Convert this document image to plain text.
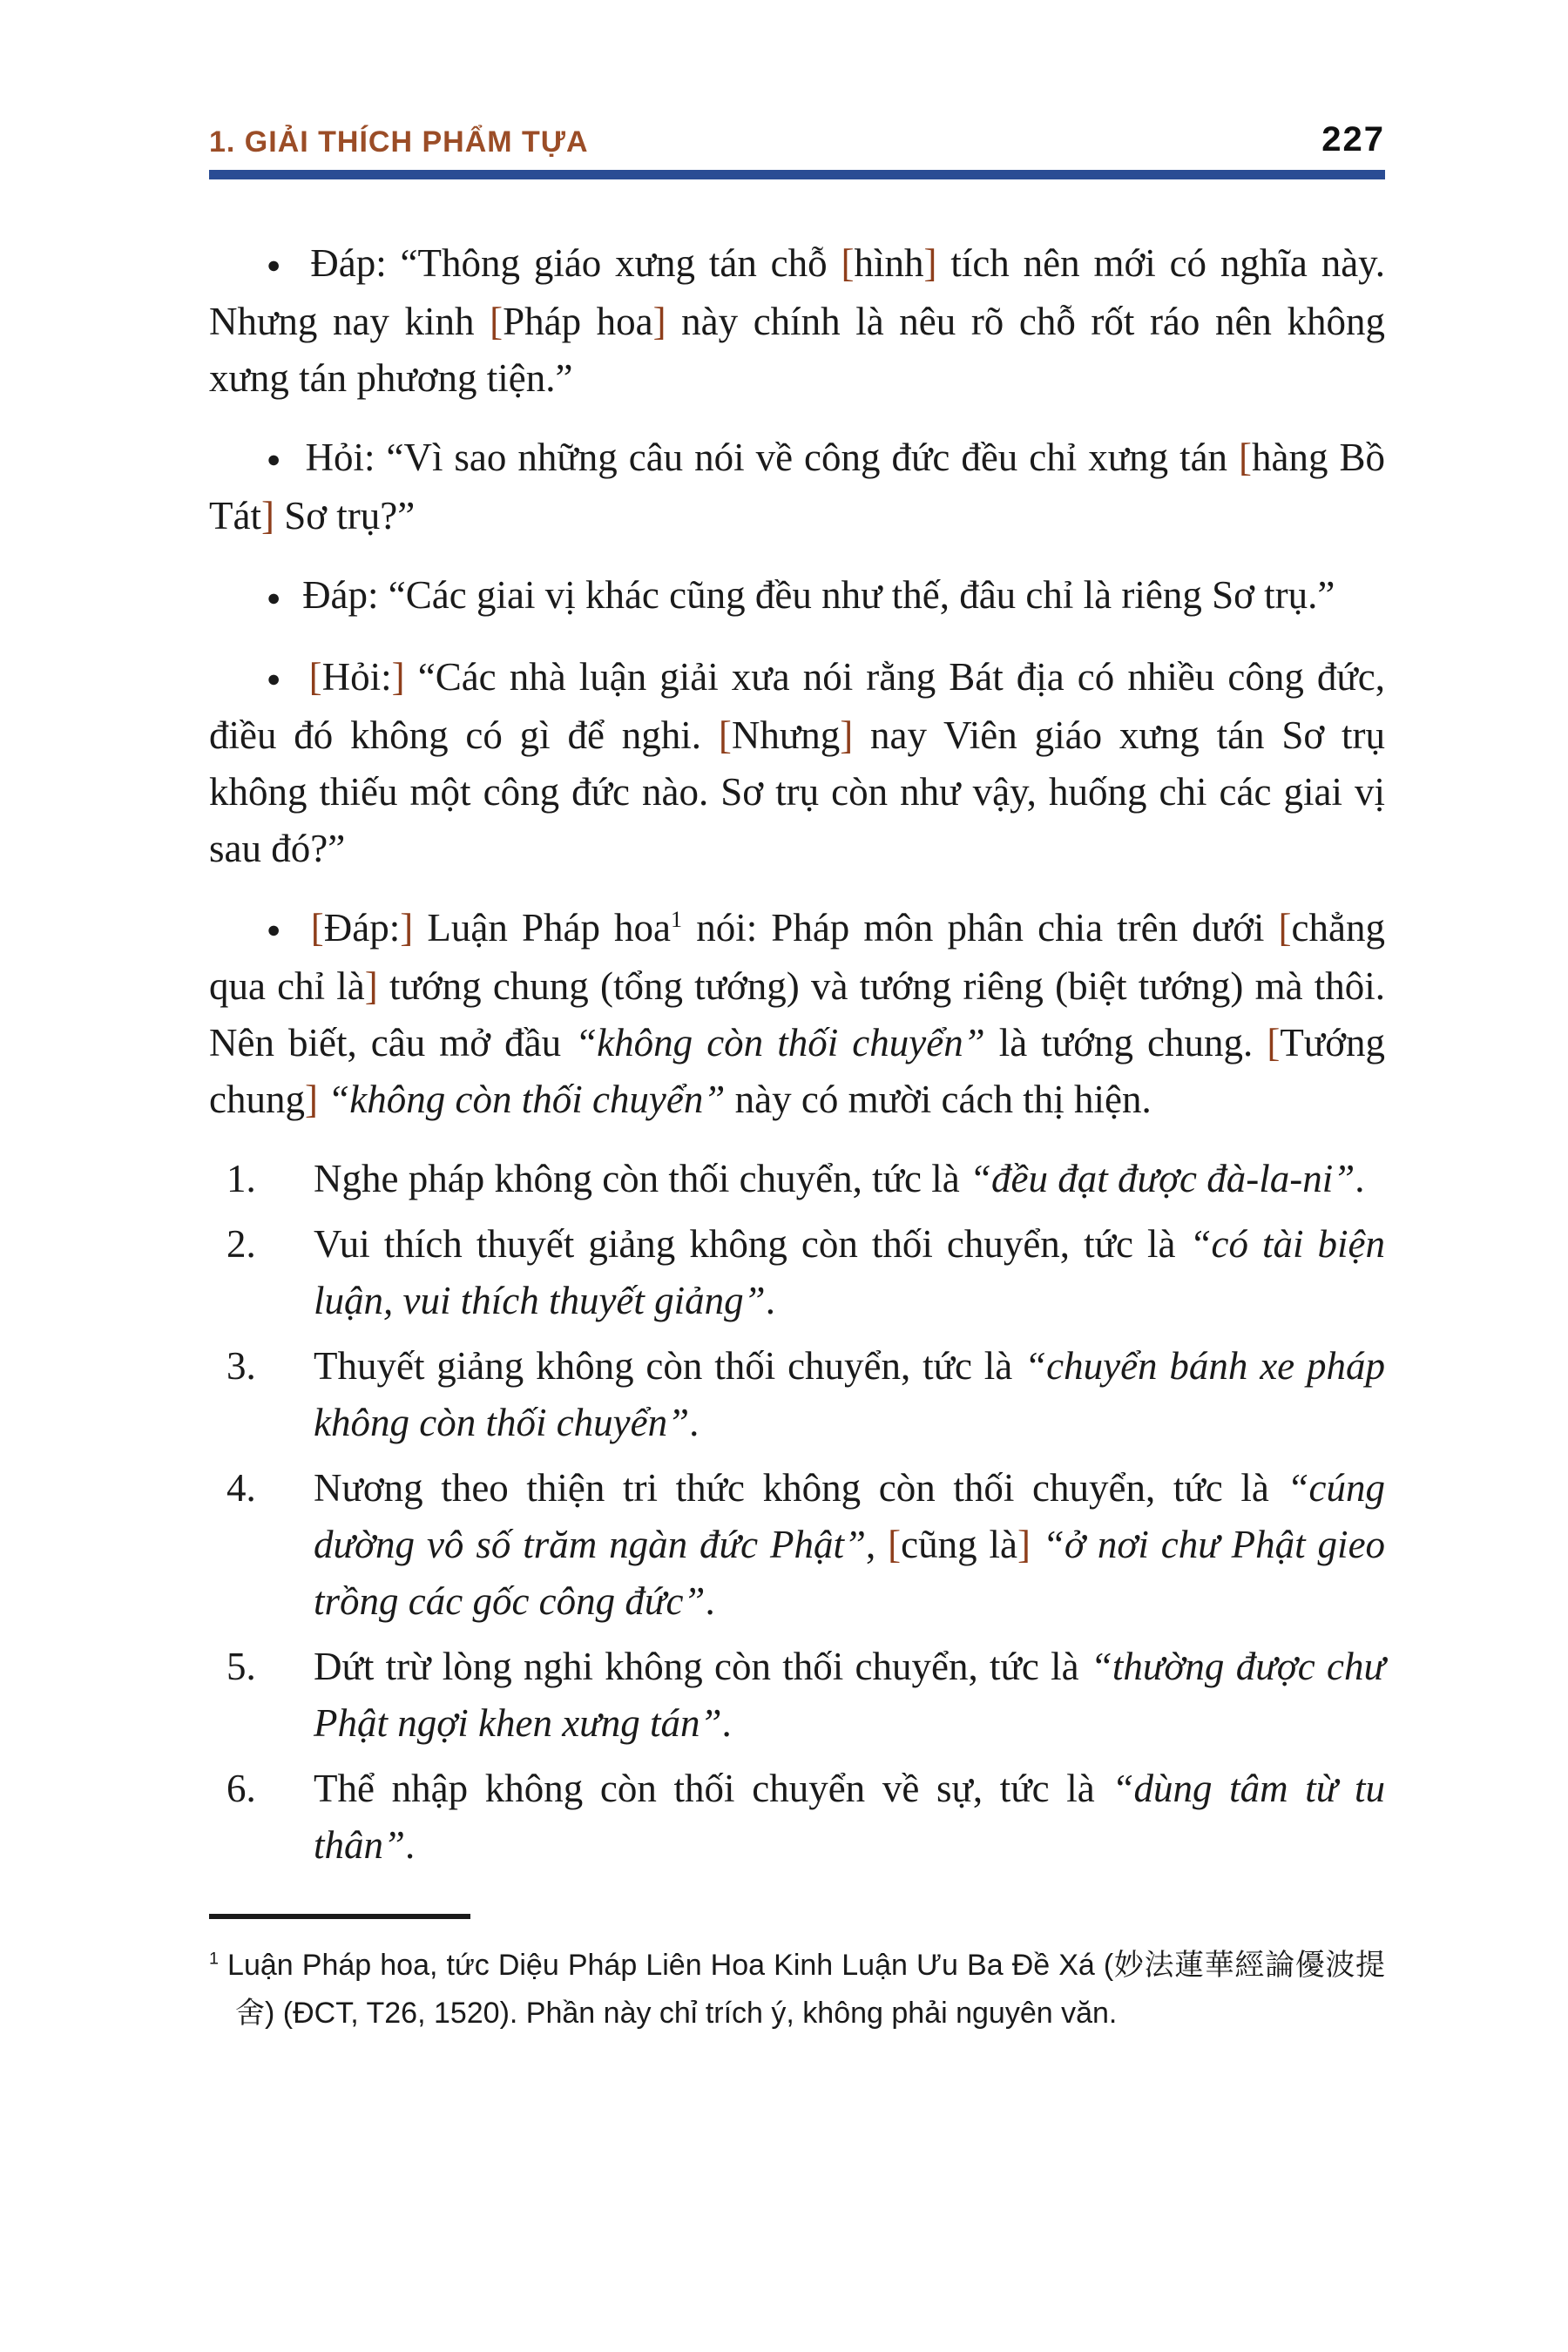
1. GIẢI THÍCH PHẨM TỰA	227

● Đáp: “Thông giáo xưng tán chỗ [hình] tích nên mới có nghĩa này. Nhưng nay kinh [Pháp hoa] này chính là nêu rõ chỗ rốt ráo nên không xưng tán phương tiện.”

● Hỏi: “Vì sao những câu nói về công đức đều chỉ xưng tán [hàng Bồ Tát] Sơ trụ?”

● Đáp: “Các giai vị khác cũng đều như thế, đâu chỉ là riêng Sơ trụ.”

● [Hỏi:] “Các nhà luận giải xưa nói rằng Bát địa có nhiều công đức, điều đó không có gì để nghi. [Nhưng] nay Viên giáo xưng tán Sơ trụ không thiếu một công đức nào. Sơ trụ còn như vậy, huống chi các giai vị sau đó?”

● [Đáp:] Luận Pháp hoa$^1$ nói: Pháp môn phân chia trên dưới [chẳng qua chỉ là] tướng chung (tổng tướng) và tướng riêng (biệt tướng) mà thôi. Nên biết, câu mở đầu “không còn thối chuyển” là tướng chung. [Tướng chung] “không còn thối chuyển” này có mười cách thị hiện.

1. Nghe pháp không còn thối chuyển, tức là “đều đạt được đà-la-ni”.
2. Vui thích thuyết giảng không còn thối chuyển, tức là “có tài biện luận, vui thích thuyết giảng”.
3. Thuyết giảng không còn thối chuyển, tức là “chuyển bánh xe pháp không còn thối chuyển”.
4. Nương theo thiện tri thức không còn thối chuyển, tức là “cúng dường vô số trăm ngàn đức Phật”, [cũng là] “ở nơi chư Phật gieo trồng các gốc công đức”.
5. Dứt trừ lòng nghi không còn thối chuyển, tức là “thường được chư Phật ngợi khen xưng tán”.
6. Thể nhập không còn thối chuyển về sự, tức là “dùng tâm từ tu thân”.
$^1$ Luận Pháp hoa, tức Diệu Pháp Liên Hoa Kinh Luận Ưu Ba Đề Xá (妙法蓮華經論優波提舍) (ĐCT, T26, 1520). Phần này chỉ trích ý, không phải nguyên văn.
